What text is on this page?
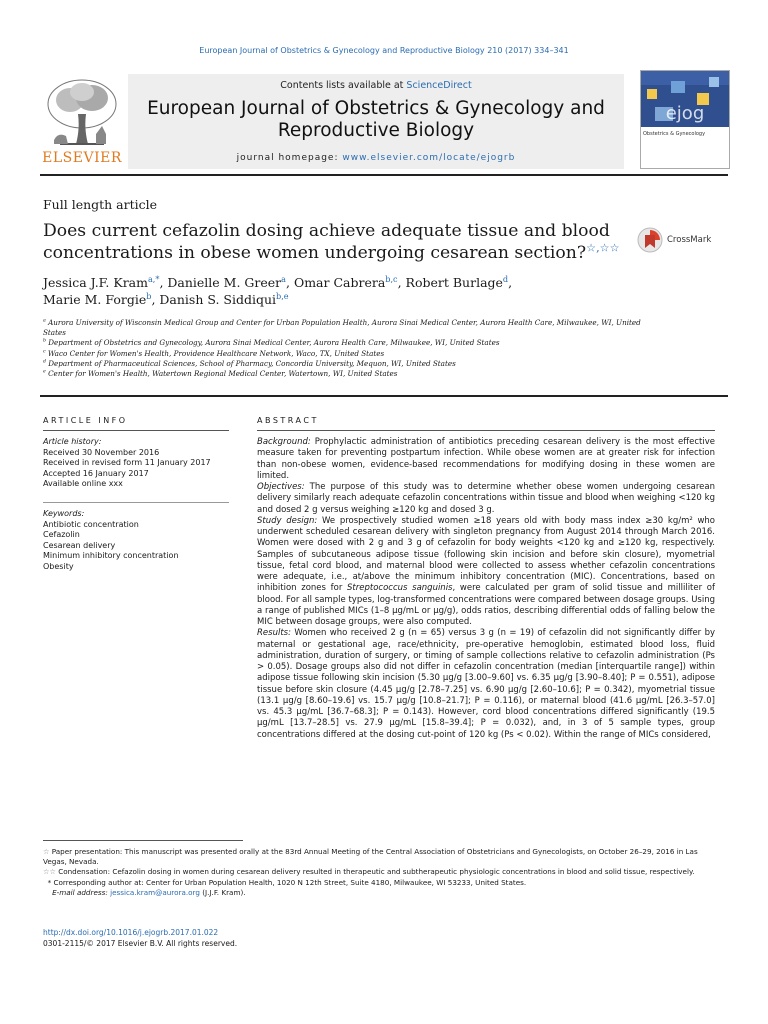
European Journal of Obstetrics & Gynecology and Reproductive Biology 210 (2017) 334–341
ELSEVIER
Contents lists available at ScienceDirect
European Journal of Obstetrics & Gynecology and
Reproductive Biology
journal homepage: www.elsevier.com/locate/ejogrb
ejog
Obstetrics & Gynecology
Full length article
Does current cefazolin dosing achieve adequate tissue and blood concentrations in obese women undergoing cesarean section?☆,☆☆
CrossMark
Jessica J.F. Kram$^{a,*}$, Danielle M. Greer$^a$, Omar Cabrera$^{b,c}$, Robert Burlage$^d$,
Marie M. Forgie$^b$, Danish S. Siddiqui$^{b,e}$
$^a$ Aurora University of Wisconsin Medical Group and Center for Urban Population Health, Aurora Sinai Medical Center, Aurora Health Care, Milwaukee, WI, United States
$^b$ Department of Obstetrics and Gynecology, Aurora Sinai Medical Center, Aurora Health Care, Milwaukee, WI, United States
$^c$ Waco Center for Women's Health, Providence Healthcare Network, Waco, TX, United States
$^d$ Department of Pharmaceutical Sciences, School of Pharmacy, Concordia University, Mequon, WI, United States
$^e$ Center for Women's Health, Watertown Regional Medical Center, Watertown, WI, United States
ARTICLE INFO
Article history:
Received 30 November 2016
Received in revised form 11 January 2017
Accepted 16 January 2017
Available online xxx
Keywords:
Antibiotic concentration
Cefazolin
Cesarean delivery
Minimum inhibitory concentration
Obesity
ABSTRACT

Background: Prophylactic administration of antibiotics preceding cesarean delivery is the most effective measure taken for preventing postpartum infection. While obese women are at greater risk for infection than non-obese women, evidence-based recommendations for modifying dosing in these women are limited.

Objectives: The purpose of this study was to determine whether obese women undergoing cesarean delivery similarly reach adequate cefazolin concentrations within tissue and blood when weighing <120 kg and dosed 2 g versus weighing ≥120 kg and dosed 3 g.

Study design: We prospectively studied women ≥18 years old with body mass index ≥30 kg/m² who underwent scheduled cesarean delivery with singleton pregnancy from August 2014 through March 2016. Women were dosed with 2 g and 3 g of cefazolin for body weights <120 kg and ≥120 kg, respectively. Samples of subcutaneous adipose tissue (following skin incision and before skin closure), myometrial tissue, fetal cord blood, and maternal blood were collected to assess whether cefazolin concentrations were adequate, i.e., at/above the minimum inhibitory concentration (MIC). Concentrations, based on inhibition zones for Streptococcus sanguinis, were calculated per gram of solid tissue and milliliter of blood. For all sample types, log-transformed concentrations were compared between dosage groups. Using a range of published MICs (1–8 μg/mL or μg/g), odds ratios, describing differential odds of falling below the MIC between dosage groups, were also computed.

Results: Women who received 2 g (n = 65) versus 3 g (n = 19) of cefazolin did not significantly differ by maternal or gestational age, race/ethnicity, pre-operative hemoglobin, estimated blood loss, fluid administration, duration of surgery, or timing of sample collections relative to cefazolin administration (Ps > 0.05). Dosage groups also did not differ in cefazolin concentration (median [interquartile range]) within adipose tissue following skin incision (5.30 μg/g [3.00–9.60] vs. 6.35 μg/g [3.90–8.40]; P = 0.551), adipose tissue before skin closure (4.45 μg/g [2.78–7.25] vs. 6.90 μg/g [2.60–10.6]; P = 0.342), myometrial tissue (13.1 μg/g [8.60–19.6] vs. 15.7 μg/g [10.8–21.7]; P = 0.116), or maternal blood (41.6 μg/mL [26.3–57.0] vs. 45.3 μg/mL [36.7–68.3]; P = 0.143). However, cord blood concentrations differed significantly (19.5 μg/mL [13.7–28.5] vs. 27.9 μg/mL [15.8–39.4]; P = 0.032), and, in 3 of 5 sample types, group concentrations differed at the dosing cut-point of 120 kg (Ps < 0.02). Within the range of MICs considered,

☆ Paper presentation: This manuscript was presented orally at the 83rd Annual Meeting of the Central Association of Obstetricians and Gynecologists, on October 26–29, 2016 in Las Vegas, Nevada.
☆☆ Condensation: Cefazolin dosing in women during cesarean delivery resulted in therapeutic and subtherapeutic physiologic concentrations in blood and solid tissue, respectively.
* Corresponding author at: Center for Urban Population Health, 1020 N 12th Street, Suite 4180, Milwaukee, WI 53233, United States.
E-mail address: jessica.kram@aurora.org (J.J.F. Kram).
http://dx.doi.org/10.1016/j.ejogrb.2017.01.022
0301-2115/© 2017 Elsevier B.V. All rights reserved.
